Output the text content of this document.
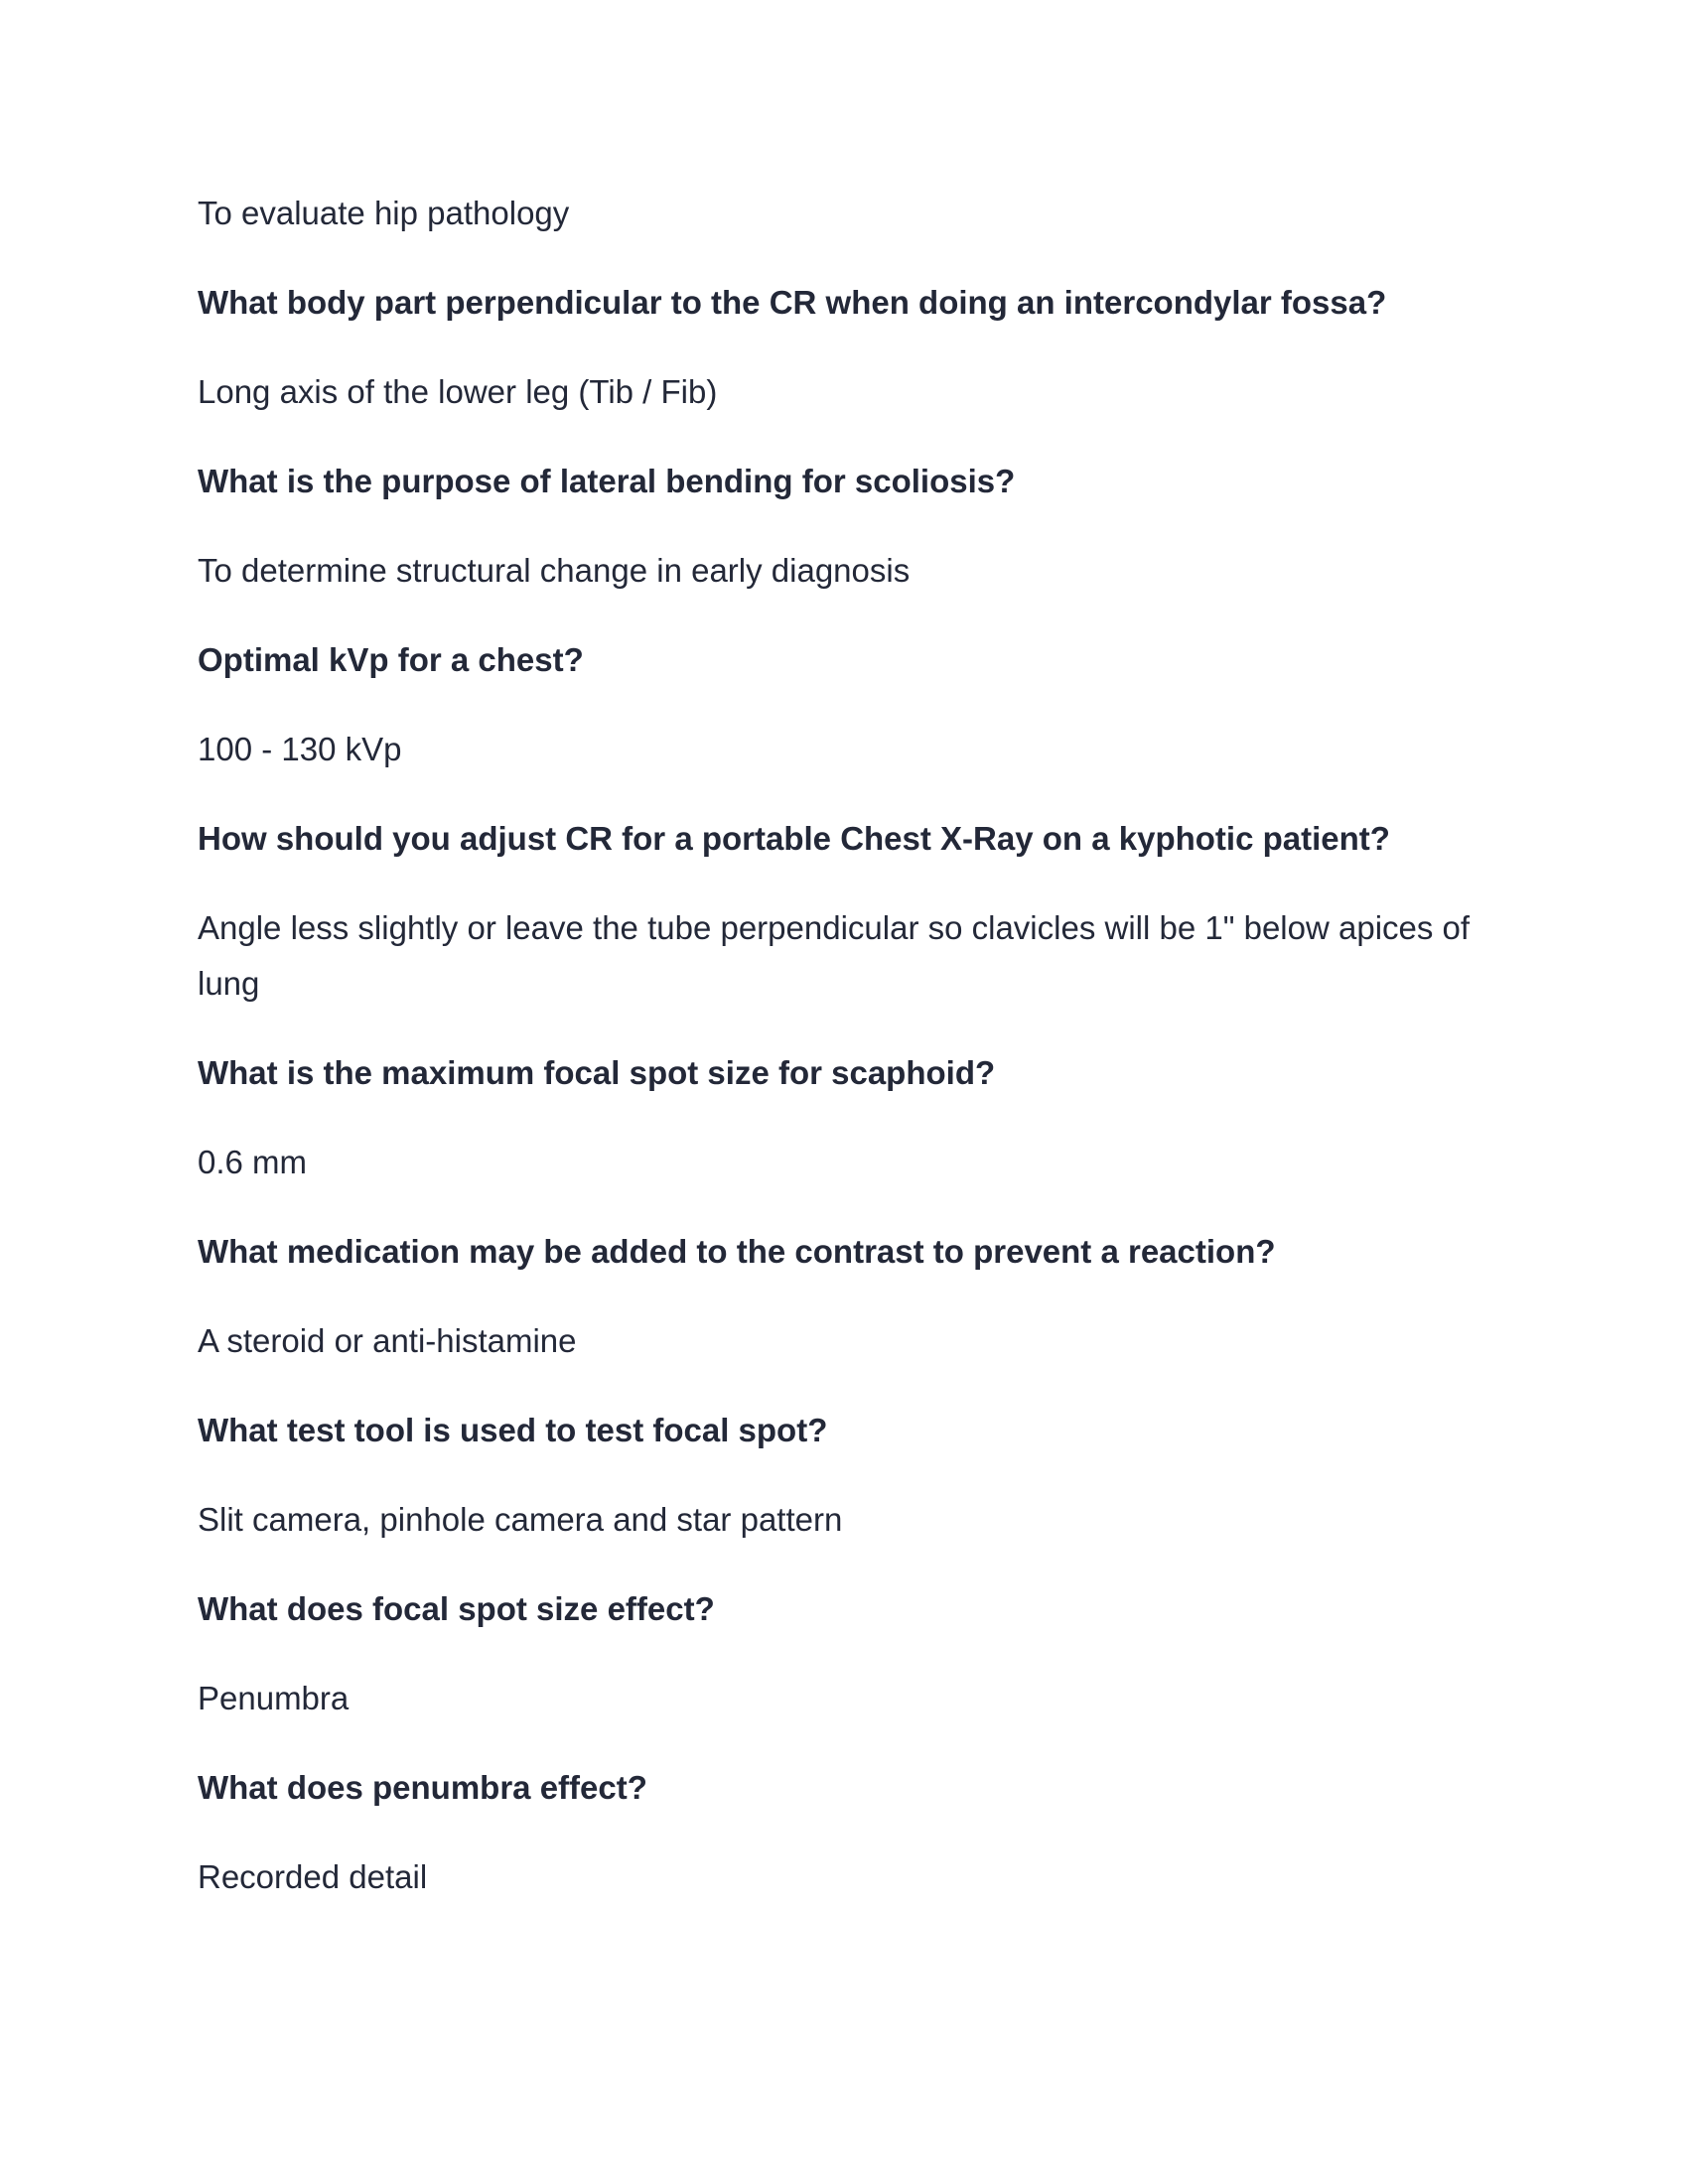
To evaluate hip pathology

What body part perpendicular to the CR when doing an intercondylar fossa?

Long axis of the lower leg (Tib / Fib)

What is the purpose of lateral bending for scoliosis?

To determine structural change in early diagnosis

Optimal kVp for a chest?

100 - 130 kVp

How should you adjust CR for a portable Chest X-Ray on a kyphotic patient?

Angle less slightly or leave the tube perpendicular so clavicles will be 1" below apices of lung

What is the maximum focal spot size for scaphoid?

0.6 mm

What medication may be added to the contrast to prevent a reaction?

A steroid or anti-histamine

What test tool is used to test focal spot?

Slit camera, pinhole camera and star pattern

What does focal spot size effect?

Penumbra

What does penumbra effect?

Recorded detail
